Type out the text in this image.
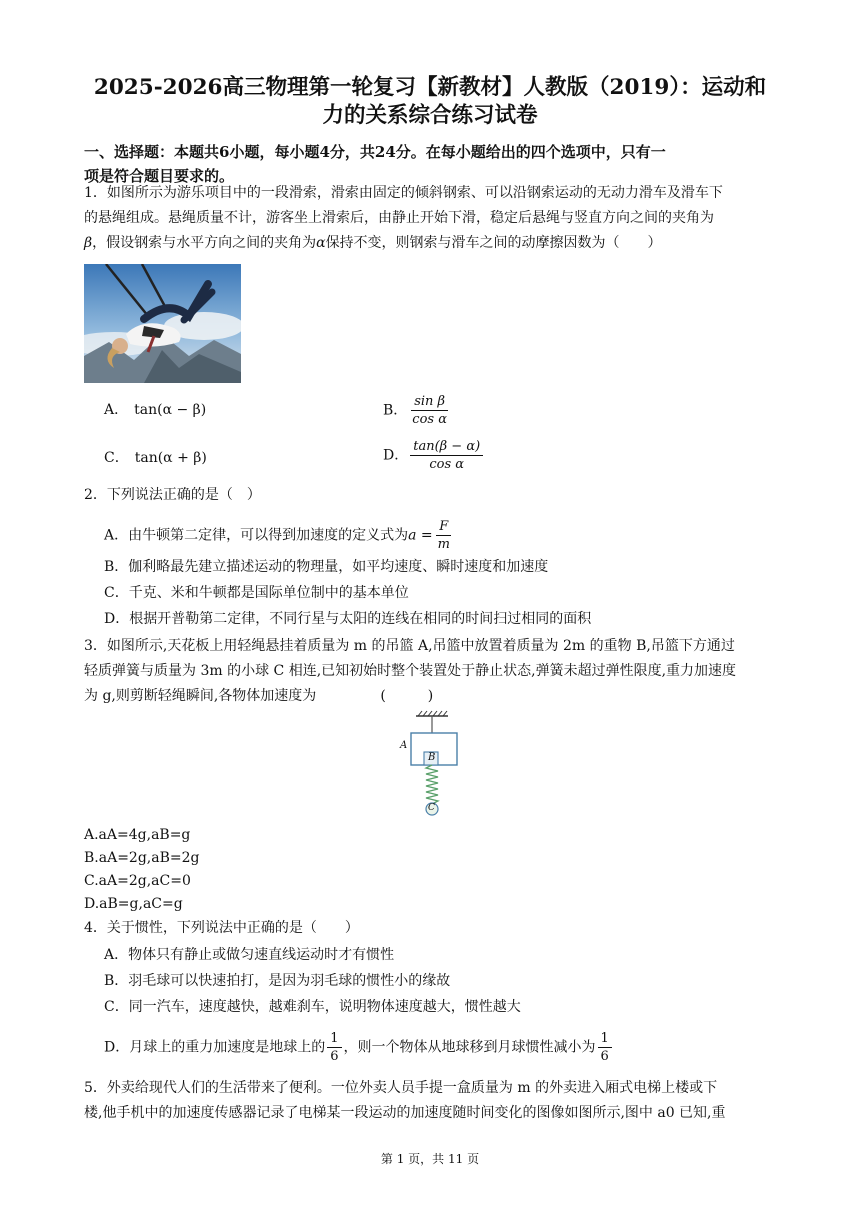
2025-2026高三物理第一轮复习【新教材】人教版（2019）：运动和
力的关系综合练习试卷
一、选择题：本题共6小题，每小题4分，共24分。在每小题给出的四个选项中，只有一
项是符合题目要求的。
1．如图所示为游乐项目中的一段滑索，滑索由固定的倾斜钢索、可以沿钢索运动的无动力滑车及滑车下
的悬绳组成。悬绳质量不计，游客坐上滑索后，由静止开始下滑，稳定后悬绳与竖直方向之间的夹角为
β，假设钢索与水平方向之间的夹角为α保持不变，则钢索与滑车之间的动摩擦因数为（　　）
A． tan(α − β)	B． $\frac{\text{sin β}}{\text{cos α}}$
C． tan(α + β)	D． $\frac{\tan(\beta - \alpha)}{\text{cos α}}$
2．下列说法正确的是（　）
A．由牛顿第二定律，可以得到加速度的定义式为$a = \frac{F}{m}$
B．伽利略最先建立描述运动的物理量，如平均速度、瞬时速度和加速度
C．千克、米和牛顿都是国际单位制中的基本单位
D．根据开普勒第二定律，不同行星与太阳的连线在相同的时间扫过相同的面积
3．如图所示,天花板上用轻绳悬挂着质量为 m 的吊篮 A,吊篮中放置着质量为 2m 的重物 B,吊篮下方通过
轻质弹簧与质量为 3m 的小球 C 相连,已知初始时整个装置处于静止状态,弹簧未超过弹性限度,重力加速度
为 g,则剪断轻绳瞬间,各物体加速度为	(　　　)
A
B
C
A.aA=4g,aB=g
B.aA=2g,aB=2g
C.aA=2g,aC=0
D.aB=g,aC=g
4．关于惯性，下列说法中正确的是（　　）
A．物体只有静止或做匀速直线运动时才有惯性
B．羽毛球可以快速拍打，是因为羽毛球的惯性小的缘故
C．同一汽车，速度越快，越难刹车，说明物体速度越大，惯性越大
D．月球上的重力加速度是地球上的 $\frac{1}{6}$ ，则一个物体从地球移到月球惯性减小为 $\frac{1}{6}$
5．外卖给现代人们的生活带来了便利。一位外卖人员手提一盒质量为 m 的外卖进入厢式电梯上楼或下
楼,他手机中的加速度传感器记录了电梯某一段运动的加速度随时间变化的图像如图所示,图中 a0 已知,重
第 1 页，共 11 页
